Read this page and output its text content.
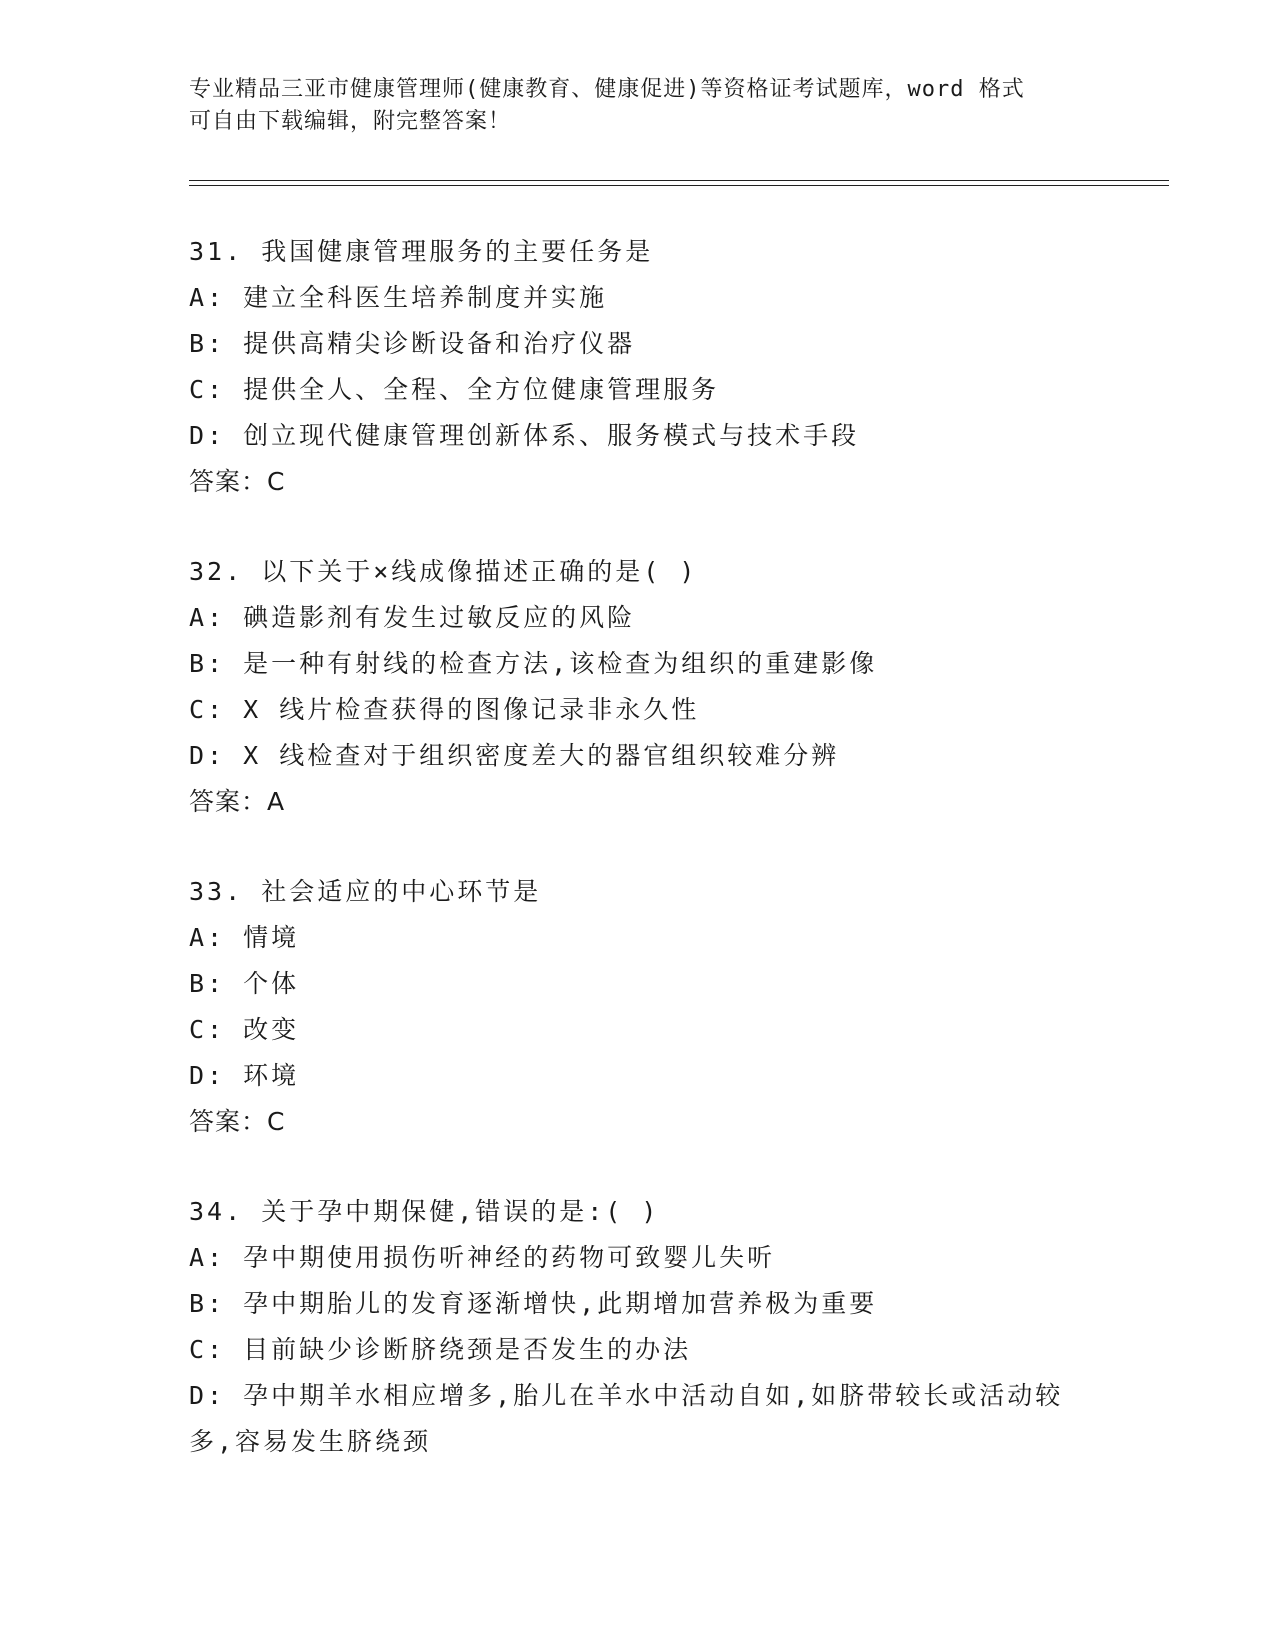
专业精品三亚市健康管理师(健康教育、健康促进)等资格证考试题库，word 格式
可自由下载编辑，附完整答案！
31. 我国健康管理服务的主要任务是
A: 建立全科医生培养制度并实施
B: 提供高精尖诊断设备和治疗仪器
C: 提供全人、全程、全方位健康管理服务
D: 创立现代健康管理创新体系、服务模式与技术手段
答案：C
32. 以下关于×线成像描述正确的是( )
A: 碘造影剂有发生过敏反应的风险
B: 是一种有射线的检查方法,该检查为组织的重建影像
C: X 线片检查获得的图像记录非永久性
D: X 线检查对于组织密度差大的器官组织较难分辨
答案：A
33. 社会适应的中心环节是
A: 情境
B: 个体
C: 改变
D: 环境
答案：C
34. 关于孕中期保健,错误的是:( )
A: 孕中期使用损伤听神经的药物可致婴儿失听
B: 孕中期胎儿的发育逐渐增快,此期增加营养极为重要
C: 目前缺少诊断脐绕颈是否发生的办法
D: 孕中期羊水相应增多,胎儿在羊水中活动自如,如脐带较长或活动较
多,容易发生脐绕颈
